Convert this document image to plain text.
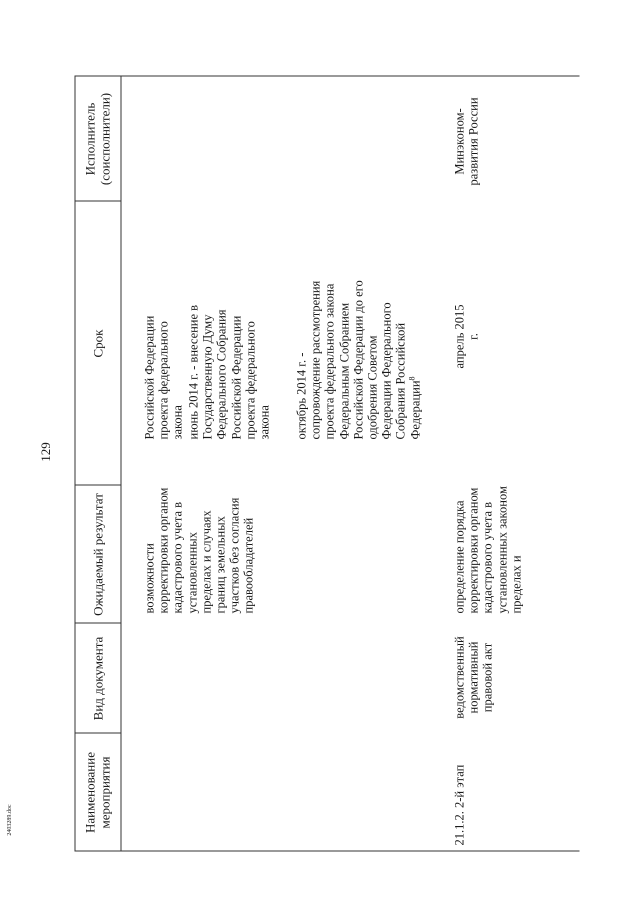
129
Наименование мероприятия
Вид документа
Ожидаемый результат
Срок
Исполнитель (соисполнители)
возможности корректировки органом кадастрового учета в установленных пределах и случаях границ земельных участков без согласия правообладателей
Российской Федерации проекта федерального закона июнь 2014 г. - внесение в Государственную Думу Федерального Собрания Российской Федерации проекта федерального закона октябрь 2014 г. - сопровождение рассмотрения проекта федерального закона Федеральным Собранием Российской Федерации до его одобрения Советом Федерации Федерального Собрания Российской Федерации$^8$
21.1.2. 2-й этап
ведомственный нормативный правовой акт
определение порядка корректировки органом кадастрового учета в установленных законом пределах и
апрель 2015 г.
Минэконом-развития России
2403289.doc
